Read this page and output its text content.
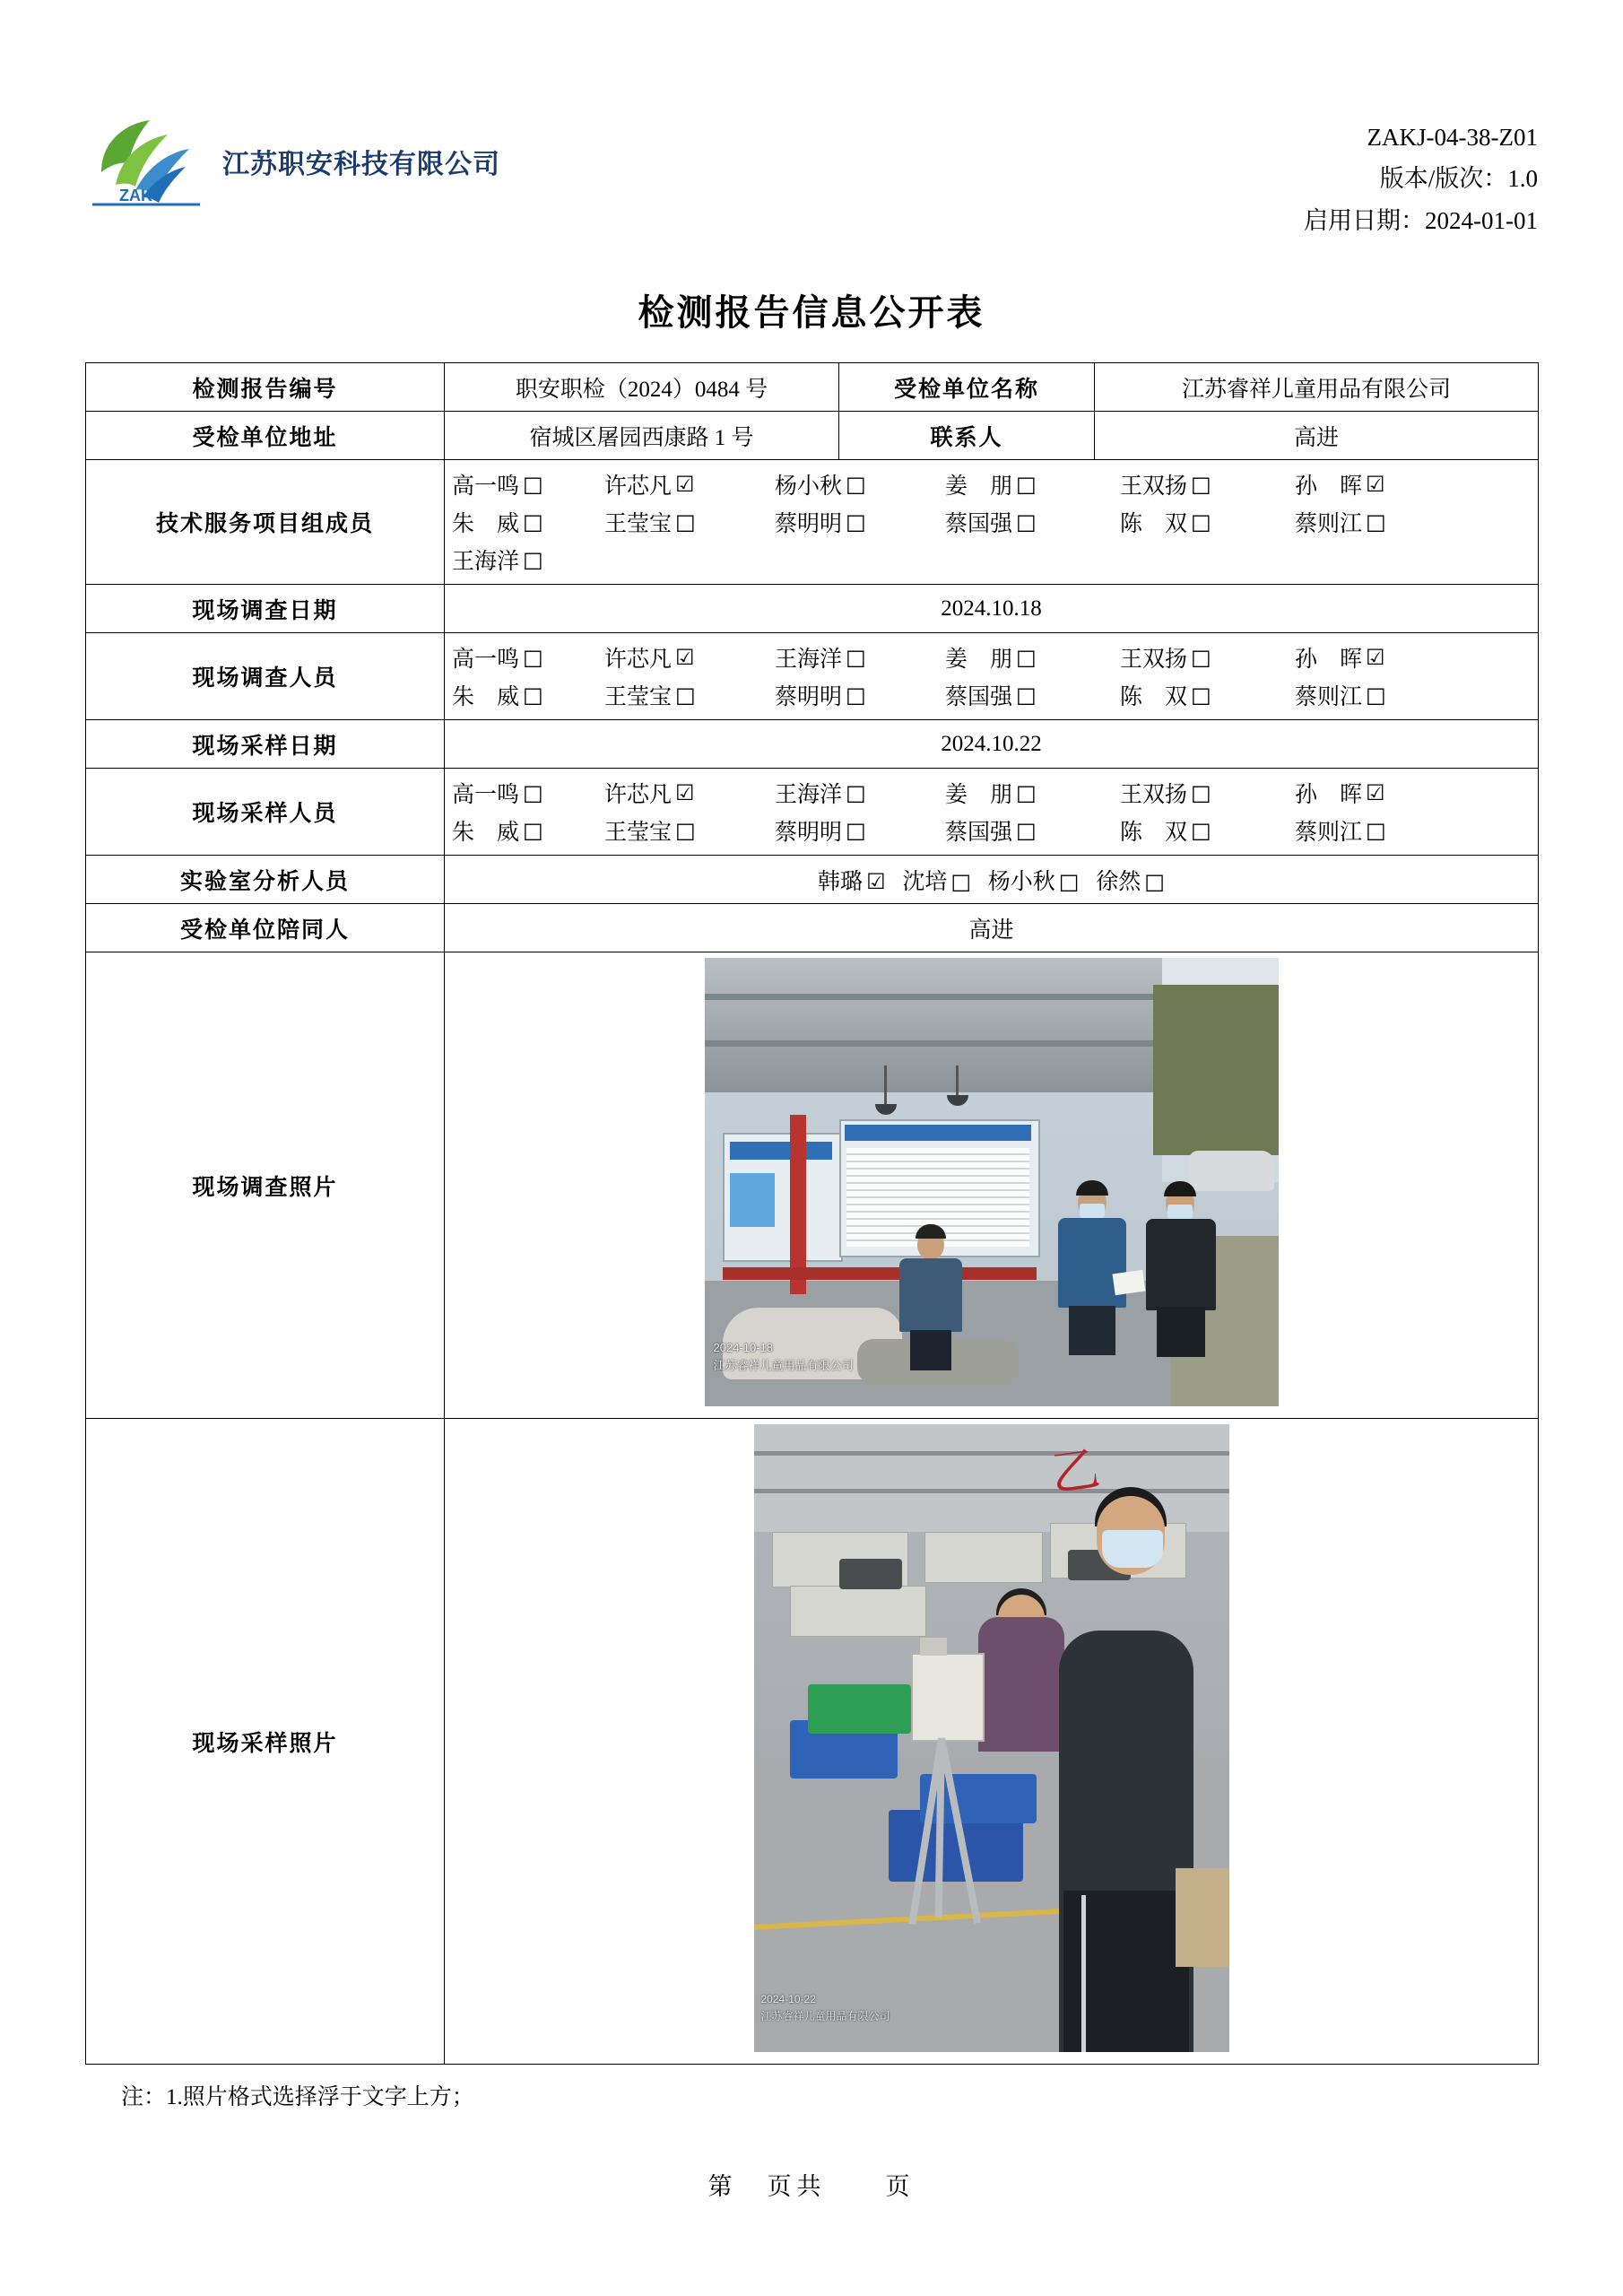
ZAKJ
江苏职安科技有限公司
ZAKJ-04-38-Z01
版本/版次：1.0
启用日期：2024-01-01
检测报告信息公开表
检测报告编号	职安职检（2024）0484 号	受检单位名称	江苏睿祥儿童用品有限公司
受检单位地址	宿城区屠园西康路 1 号	联系人	高进
技术服务项目组成员	
高一鸣 □	许芯凡 ☑	杨小秋 □	姜　朋 □	王双扬 □	孙　晖 ☑
朱　威 □	王莹宝 □	蔡明明 □	蔡国强 □	陈　双 □	蔡则江 □
王海洋 □

现场调查日期	2024.10.18		
现场调查人员	
高一鸣 □	许芯凡 ☑	王海洋 □	姜　朋 □	王双扬 □	孙　晖 ☑
朱　威 □	王莹宝 □	蔡明明 □	蔡国强 □	陈　双 □	蔡则江 □

现场采样日期	2024.10.22		
现场采样人员	
高一鸣 □	许芯凡 ☑	王海洋 □	姜　朋 □	王双扬 □	孙　晖 ☑
朱　威 □	王莹宝 □	蔡明明 □	蔡国强 □	陈　双 □	蔡则江 □

实验室分析人员	韩璐 ☑ 沈培 □ 杨小秋 □ 徐然 □		
受检单位陪同人	高进		
现场调查照片	2024-10-18
江苏睿祥儿童用品有限公司		

现场采样照片	乙
2024-10-22
江苏睿祥儿童用品有限公司		
注：1.照片格式选择浮于文字上方；
第　页共　　页
